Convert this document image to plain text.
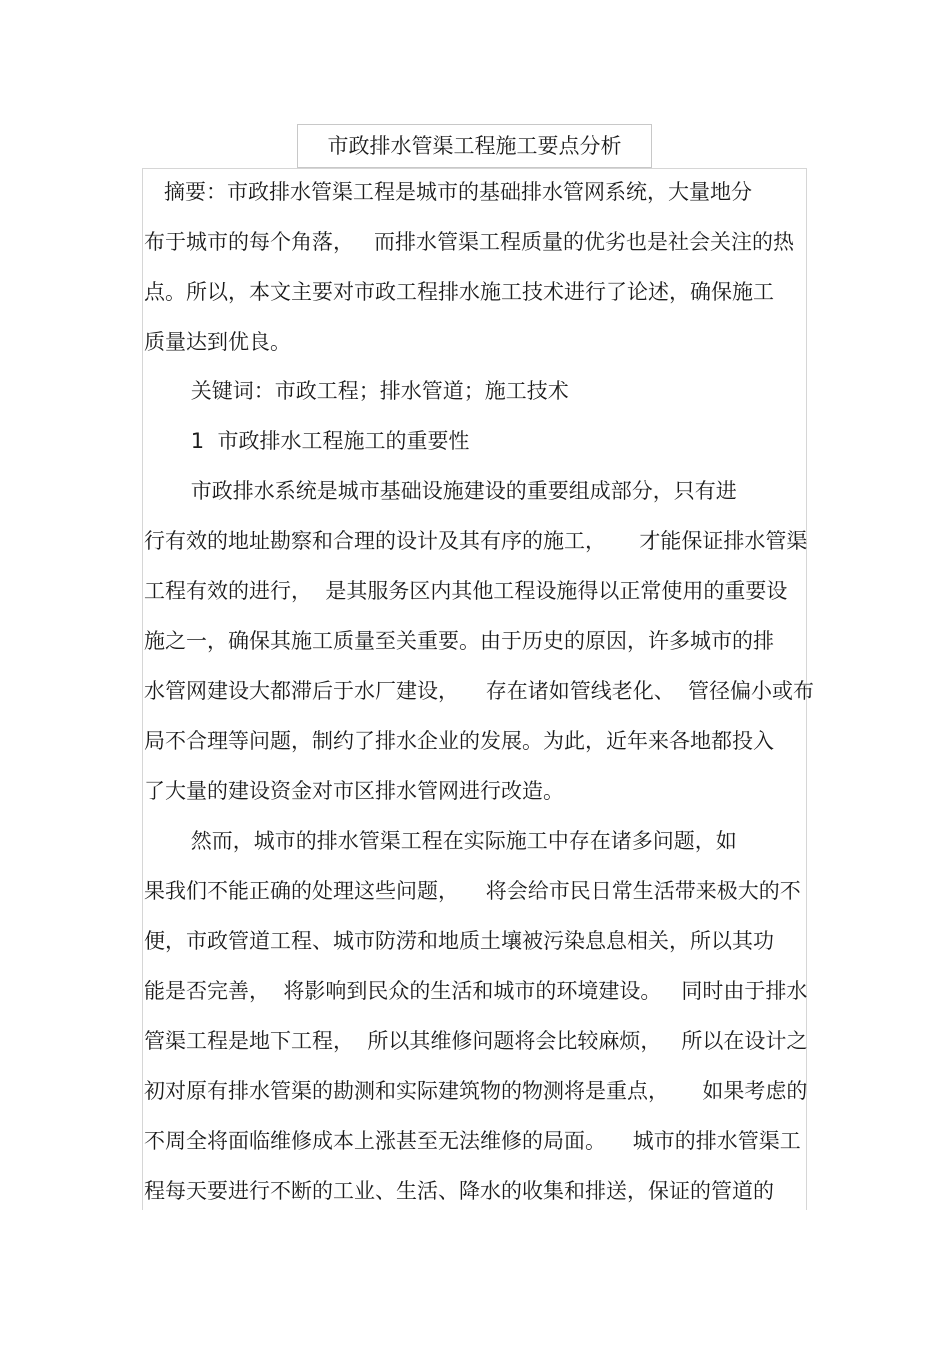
市政排水管渠工程施工要点分析
摘要：市政排水管渠工程是城市的基础排水管网系统，大量地分
布于城市的每个角落，   而排水管渠工程质量的优劣也是社会关注的热
点。所以，本文主要对市政工程排水施工技术进行了论述，确保施工
质量达到优良。
关键词：市政工程；排水管道；施工技术
1  市政排水工程施工的重要性
市政排水系统是城市基础设施建设的重要组成部分，只有进
行有效的地址勘察和合理的设计及其有序的施工，     才能保证排水管渠
工程有效的进行，  是其服务区内其他工程设施得以正常使用的重要设
施之一，确保其施工质量至关重要。由于历史的原因，许多城市的排
水管网建设大都滞后于水厂建设，    存在诸如管线老化、  管径偏小或布
局不合理等问题，制约了排水企业的发展。为此，近年来各地都投入
了大量的建设资金对市区排水管网进行改造。
然而，城市的排水管渠工程在实际施工中存在诸多问题，如
果我们不能正确的处理这些问题，    将会给市民日常生活带来极大的不
便，市政管道工程、城市防涝和地质土壤被污染息息相关，所以其功
能是否完善，  将影响到民众的生活和城市的环境建设。   同时由于排水
管渠工程是地下工程，  所以其维修问题将会比较麻烦，   所以在设计之
初对原有排水管渠的勘测和实际建筑物的物测将是重点，     如果考虑的
不周全将面临维修成本上涨甚至无法维修的局面。    城市的排水管渠工
程每天要进行不断的工业、生活、降水的收集和排送，保证的管道的
